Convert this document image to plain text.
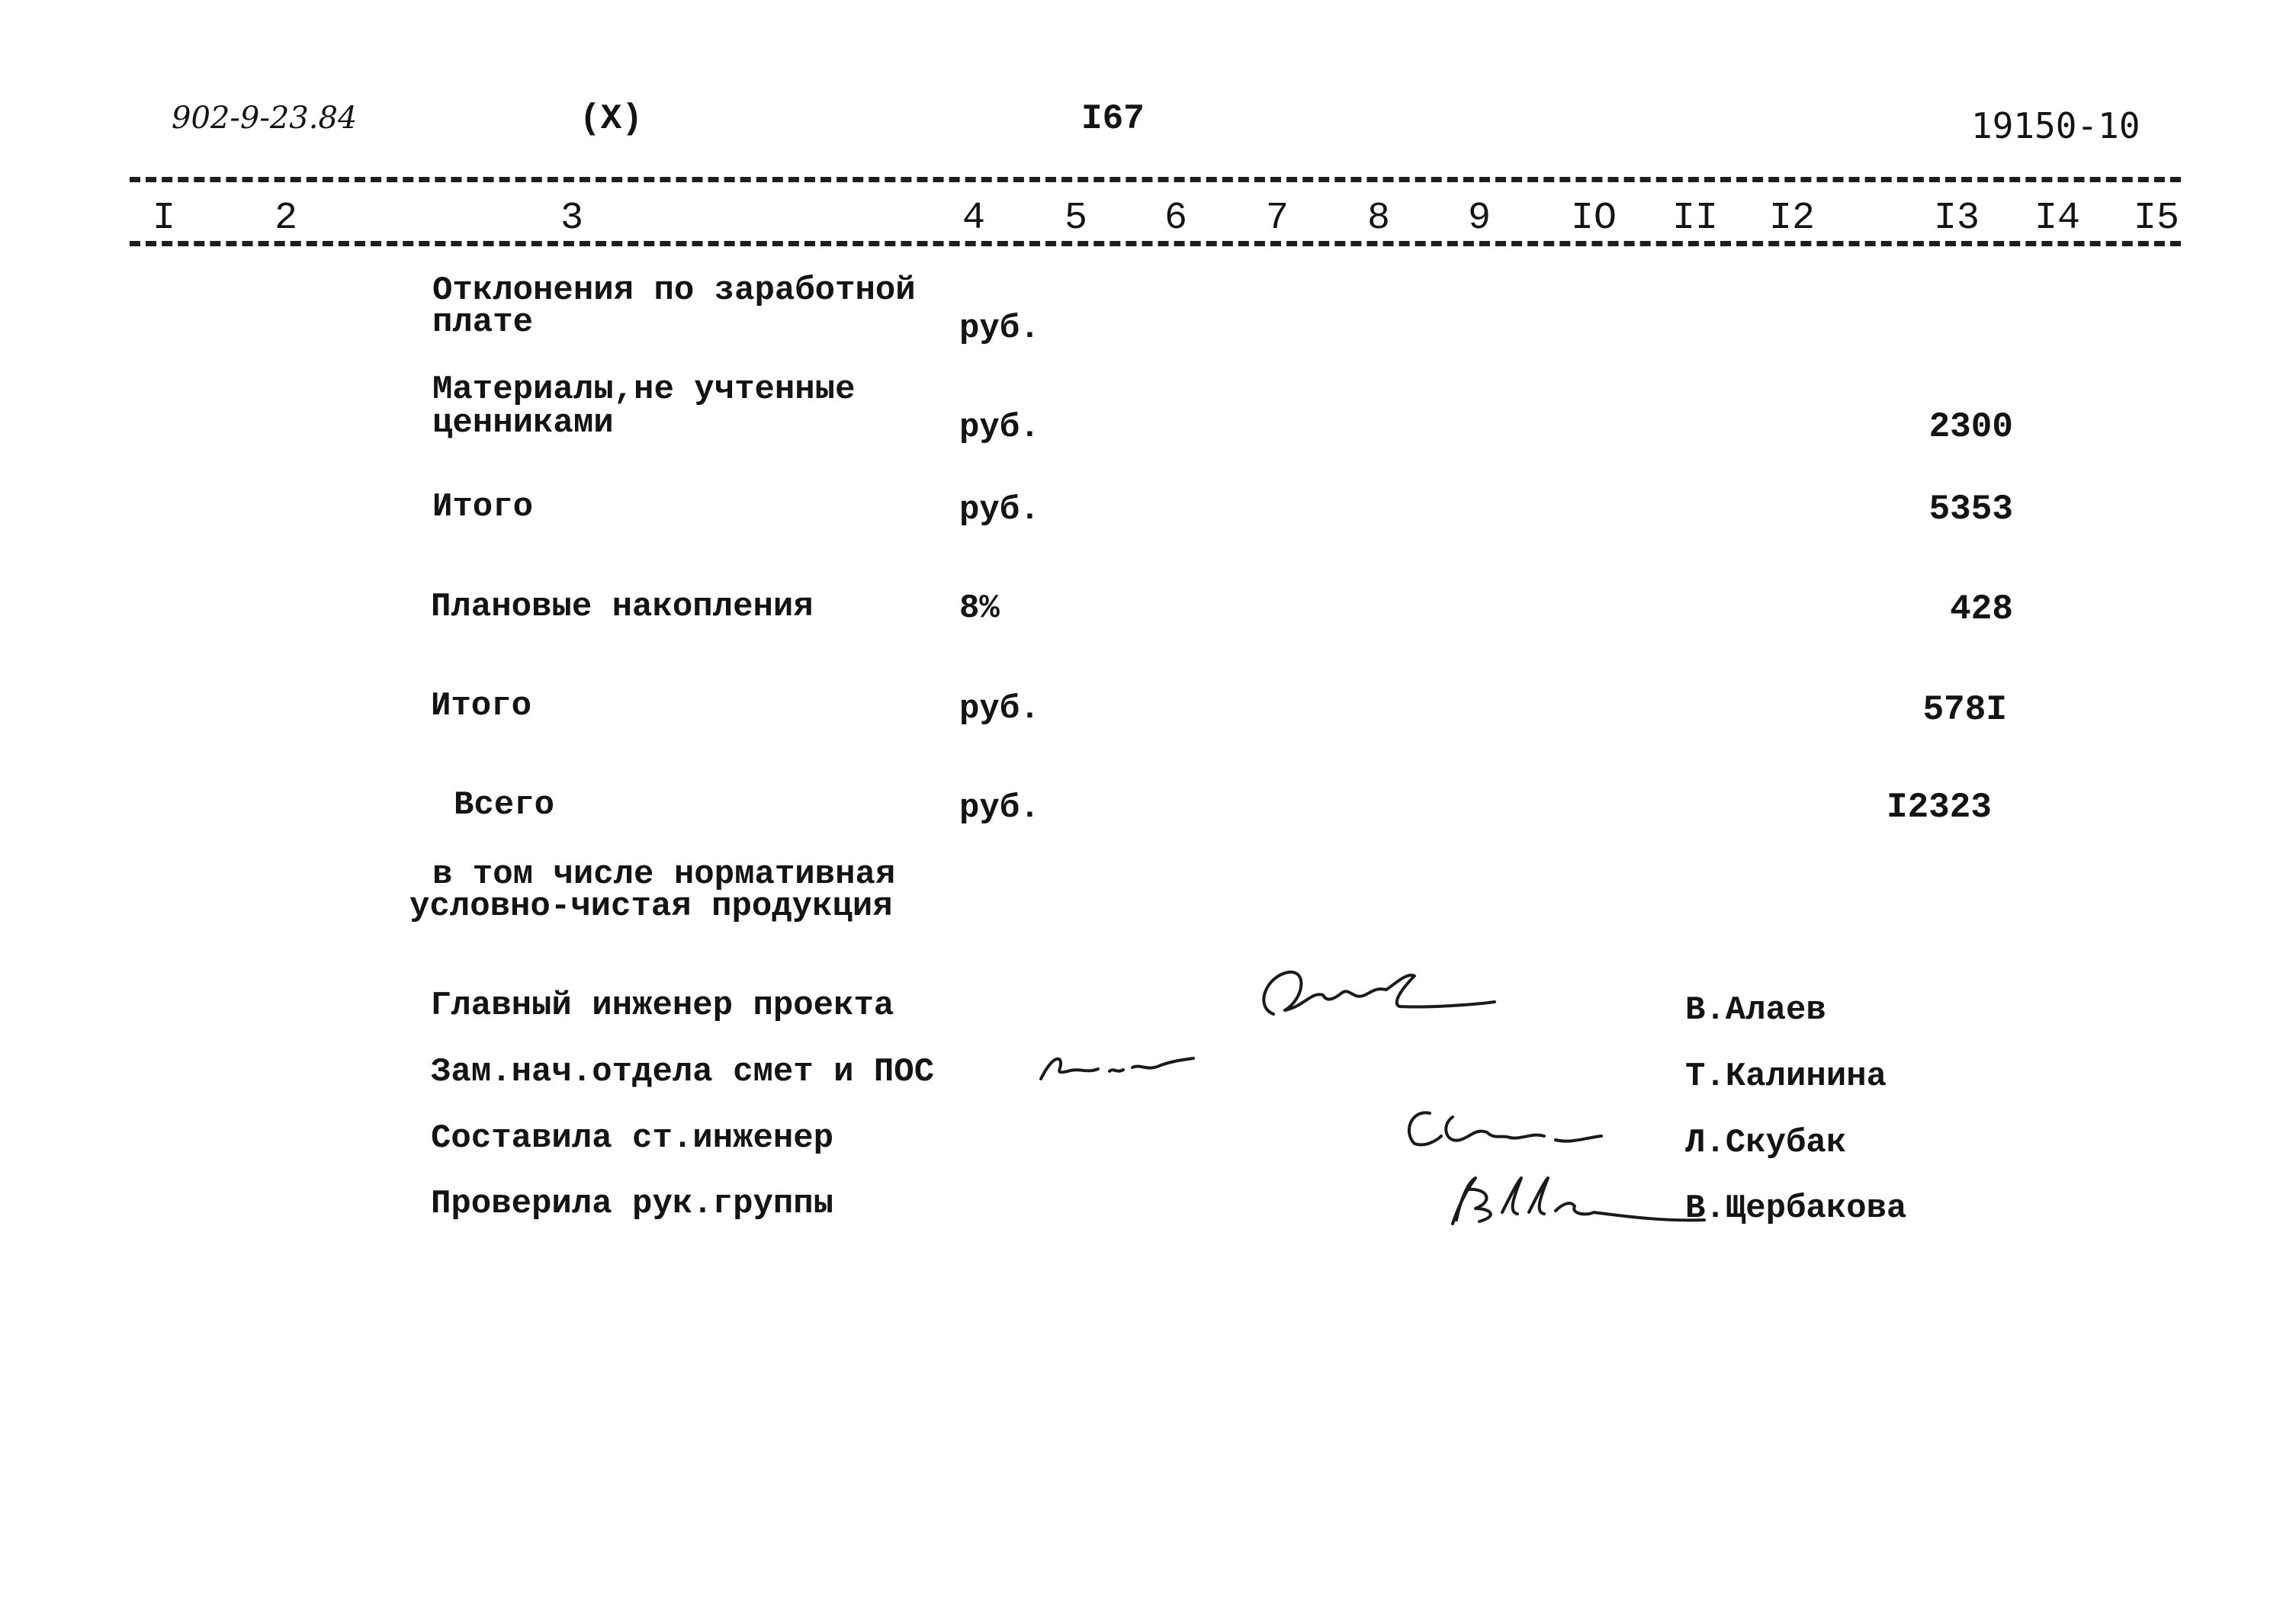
902-9-23.84	(X)	I67	19150-10
I	2	3	4 5 6 7 8 9 IO II I2	I3 I4 I5
Отклонения по заработной
плате	руб.
Материалы,не учтенные
ценниками	руб.	2300
Итого	руб.	5353
Плановые накопления	8%	428
Итого	руб.	578I
Всего	руб.	I2323
в том числе нормативная
условно-чистая продукция
Главный инженер проекта	В.Алаев
Зам.нач.отдела смет и ПОС	Т.Калинина
Составила ст.инженер	Л.Скубак
Проверила рук.группы	В.Щербакова
